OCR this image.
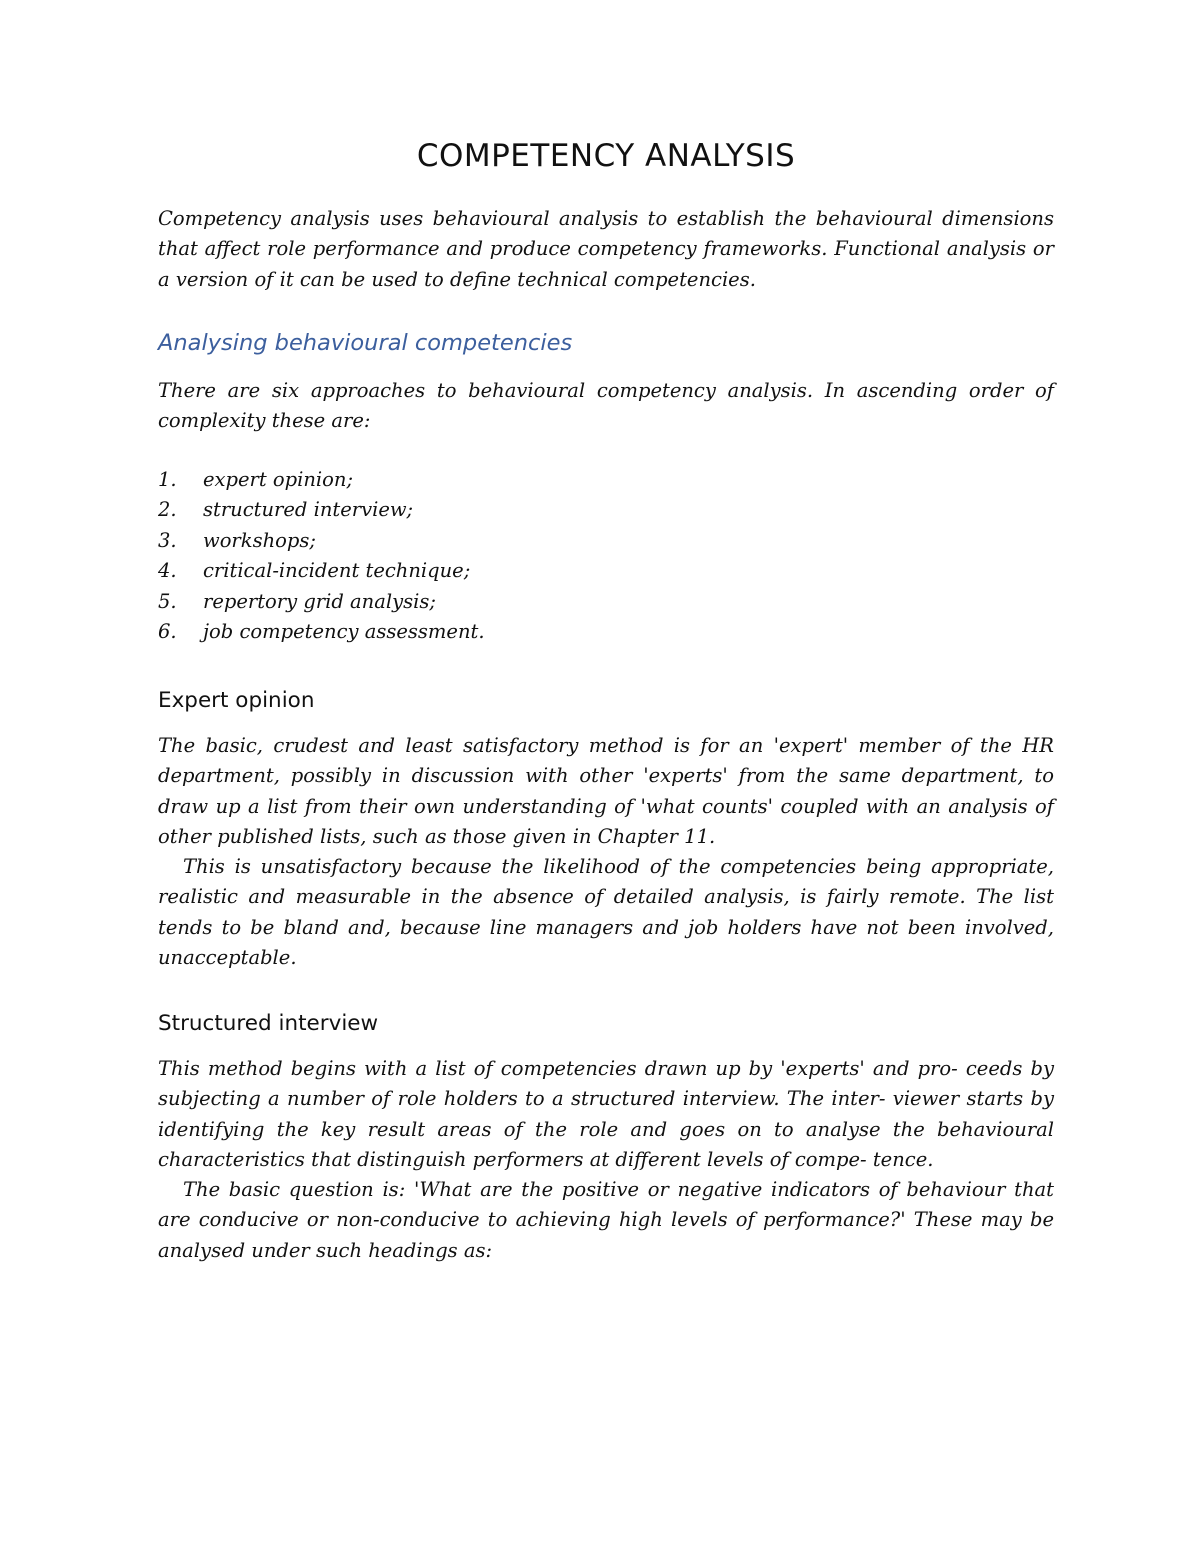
COMPETENCY ANALYSIS

Competency analysis uses behavioural analysis to establish the behavioural dimensions that affect role performance and produce competency frameworks. Functional analysis or a version of it can be used to define technical competencies.

Analysing behavioural competencies

There are six approaches to behavioural competency analysis. In ascending order of complexity these are:

1.	expert opinion;
2.	structured interview;
3.	workshops;
4.	critical-incident technique;
5.	repertory grid analysis;
6.	job competency assessment.
Expert opinion

The basic, crudest and least satisfactory method is for an 'expert' member of the HR department, possibly in discussion with other 'experts' from the same department, to draw up a list from their own understanding of 'what counts' coupled with an analysis of other published lists, such as those given in Chapter 11.

This is unsatisfactory because the likelihood of the competencies being appropriate, realistic and measurable in the absence of detailed analysis, is fairly remote. The list tends to be bland and, because line managers and job holders have not been involved, unacceptable.

Structured interview

This method begins with a list of competencies drawn up by 'experts' and pro- ceeds by subjecting a number of role holders to a structured interview. The inter- viewer starts by identifying the key result areas of the role and goes on to analyse the behavioural characteristics that distinguish performers at different levels of compe- tence.

The basic question is: 'What are the positive or negative indicators of behaviour that are conducive or non-conducive to achieving high levels of performance?' These may be analysed under such headings as:
